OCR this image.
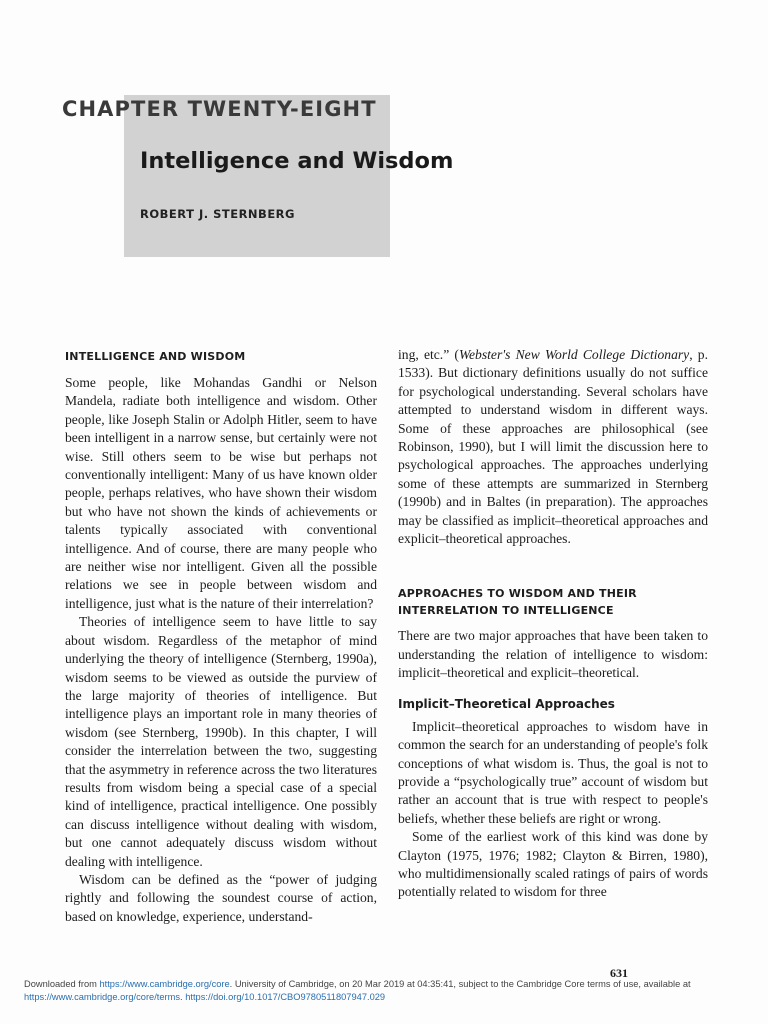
CHAPTER TWENTY-EIGHT
Intelligence and Wisdom
ROBERT J. STERNBERG
INTELLIGENCE AND WISDOM

Some people, like Mohandas Gandhi or Nelson Mandela, radiate both intelligence and wisdom. Other people, like Joseph Stalin or Adolph Hitler, seem to have been intelligent in a narrow sense, but certainly were not wise. Still others seem to be wise but perhaps not conventionally intelligent: Many of us have known older people, perhaps relatives, who have shown their wisdom but who have not shown the kinds of achievements or talents typically associated with conventional intelligence. And of course, there are many people who are neither wise nor intelligent. Given all the possible relations we see in people between wisdom and intelligence, just what is the nature of their interrelation?

Theories of intelligence seem to have little to say about wisdom. Regardless of the metaphor of mind underlying the theory of intelligence (Sternberg, 1990a), wisdom seems to be viewed as outside the purview of the large majority of theories of intelligence. But intelligence plays an important role in many theories of wisdom (see Sternberg, 1990b). In this chapter, I will consider the interrelation between the two, suggesting that the asymmetry in reference across the two literatures results from wisdom being a special case of a special kind of intelligence, practical intelligence. One possibly can discuss intelligence without dealing with wisdom, but one cannot adequately discuss wisdom without dealing with intelligence.

Wisdom can be defined as the “power of judging rightly and following the soundest course of action, based on knowledge, experience, understand-

ing, etc.” (Webster's New World College Dictionary, p. 1533). But dictionary definitions usually do not suffice for psychological understanding. Several scholars have attempted to understand wisdom in different ways. Some of these approaches are philosophical (see Robinson, 1990), but I will limit the discussion here to psychological approaches. The approaches underlying some of these attempts are summarized in Sternberg (1990b) and in Baltes (in preparation). The approaches may be classified as implicit–theoretical approaches and explicit–theoretical approaches.

APPROACHES TO WISDOM AND THEIR INTERRELATION TO INTELLIGENCE

There are two major approaches that have been taken to understanding the relation of intelligence to wisdom: implicit–theoretical and explicit–theoretical.

Implicit–Theoretical Approaches

Implicit–theoretical approaches to wisdom have in common the search for an understanding of people's folk conceptions of what wisdom is. Thus, the goal is not to provide a “psychologically true” account of wisdom but rather an account that is true with respect to people's beliefs, whether these beliefs are right or wrong.

Some of the earliest work of this kind was done by Clayton (1975, 1976; 1982; Clayton & Birren, 1980), who multidimensionally scaled ratings of pairs of words potentially related to wisdom for three

631
Downloaded from https://www.cambridge.org/core. University of Cambridge, on 20 Mar 2019 at 04:35:41, subject to the Cambridge Core terms of use, available at
https://www.cambridge.org/core/terms. https://doi.org/10.1017/CBO9780511807947.029
